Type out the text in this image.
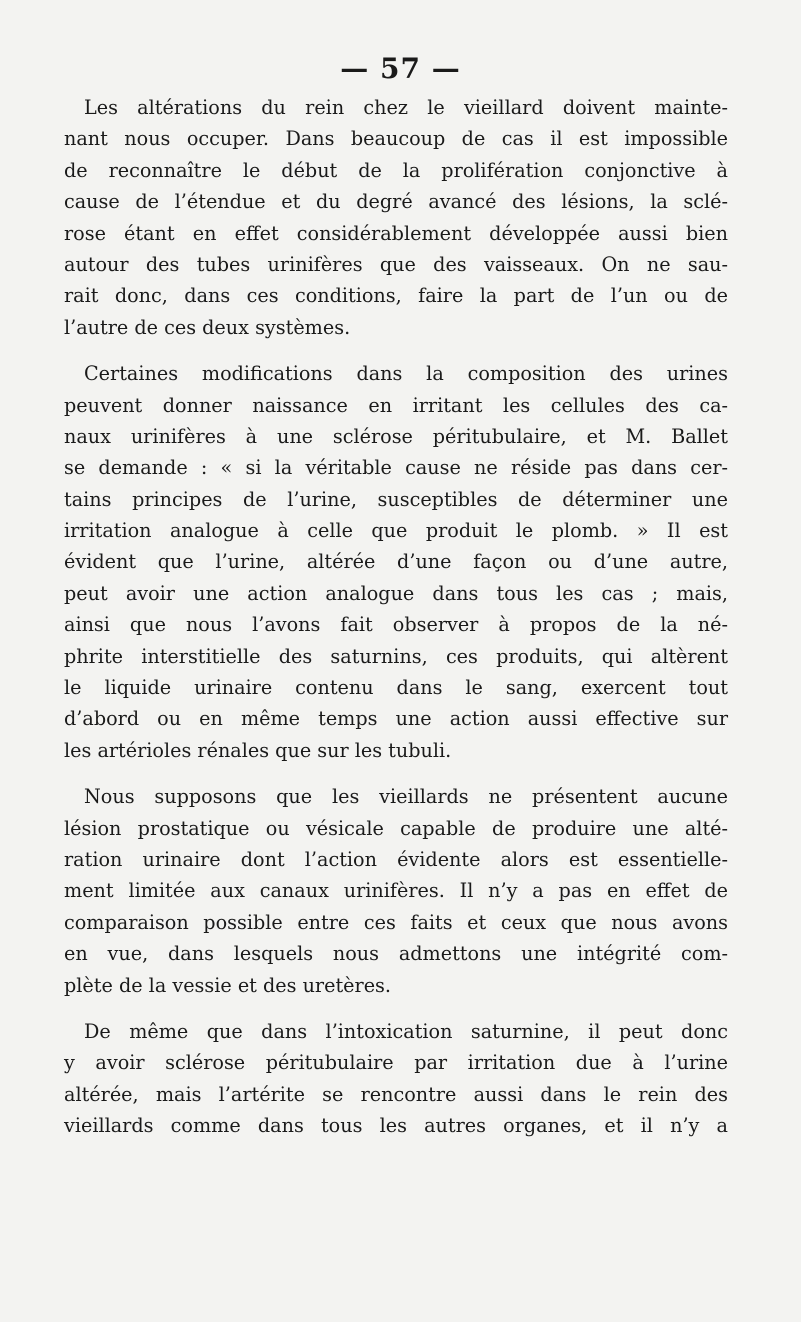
— 57 —
Les altérations du rein chez le vieillard doivent mainte-
nant nous occuper. Dans beaucoup de cas il est impossible
de reconnaître le début de la prolifération conjonctive à
cause de l’étendue et du degré avancé des lésions, la sclé-
rose étant en effet considérablement développée aussi bien
autour des tubes urinifères que des vaisseaux. On ne sau-
rait donc, dans ces conditions, faire la part de l’un ou de
l’autre de ces deux systèmes.
Certaines modifications dans la composition des urines
peuvent donner naissance en irritant les cellules des ca-
naux urinifères à une sclérose péritubulaire, et M. Ballet
se demande : « si la véritable cause ne réside pas dans cer-
tains principes de l’urine, susceptibles de déterminer une
irritation analogue à celle que produit le plomb. » Il est
évident que l’urine, altérée d’une façon ou d’une autre,
peut avoir une action analogue dans tous les cas ; mais,
ainsi que nous l’avons fait observer à propos de la né-
phrite interstitielle des saturnins, ces produits, qui altèrent
le liquide urinaire contenu dans le sang, exercent tout
d’abord ou en même temps une action aussi effective sur
les artérioles rénales que sur les tubuli.
Nous supposons que les vieillards ne présentent aucune
lésion prostatique ou vésicale capable de produire une alté-
ration urinaire dont l’action évidente alors est essentielle-
ment limitée aux canaux urinifères. Il n’y a pas en effet de
comparaison possible entre ces faits et ceux que nous avons
en vue, dans lesquels nous admettons une intégrité com-
plète de la vessie et des uretères.
De même que dans l’intoxication saturnine, il peut donc
y avoir sclérose péritubulaire par irritation due à l’urine
altérée, mais l’artérite se rencontre aussi dans le rein des
vieillards comme dans tous les autres organes, et il n’y a
